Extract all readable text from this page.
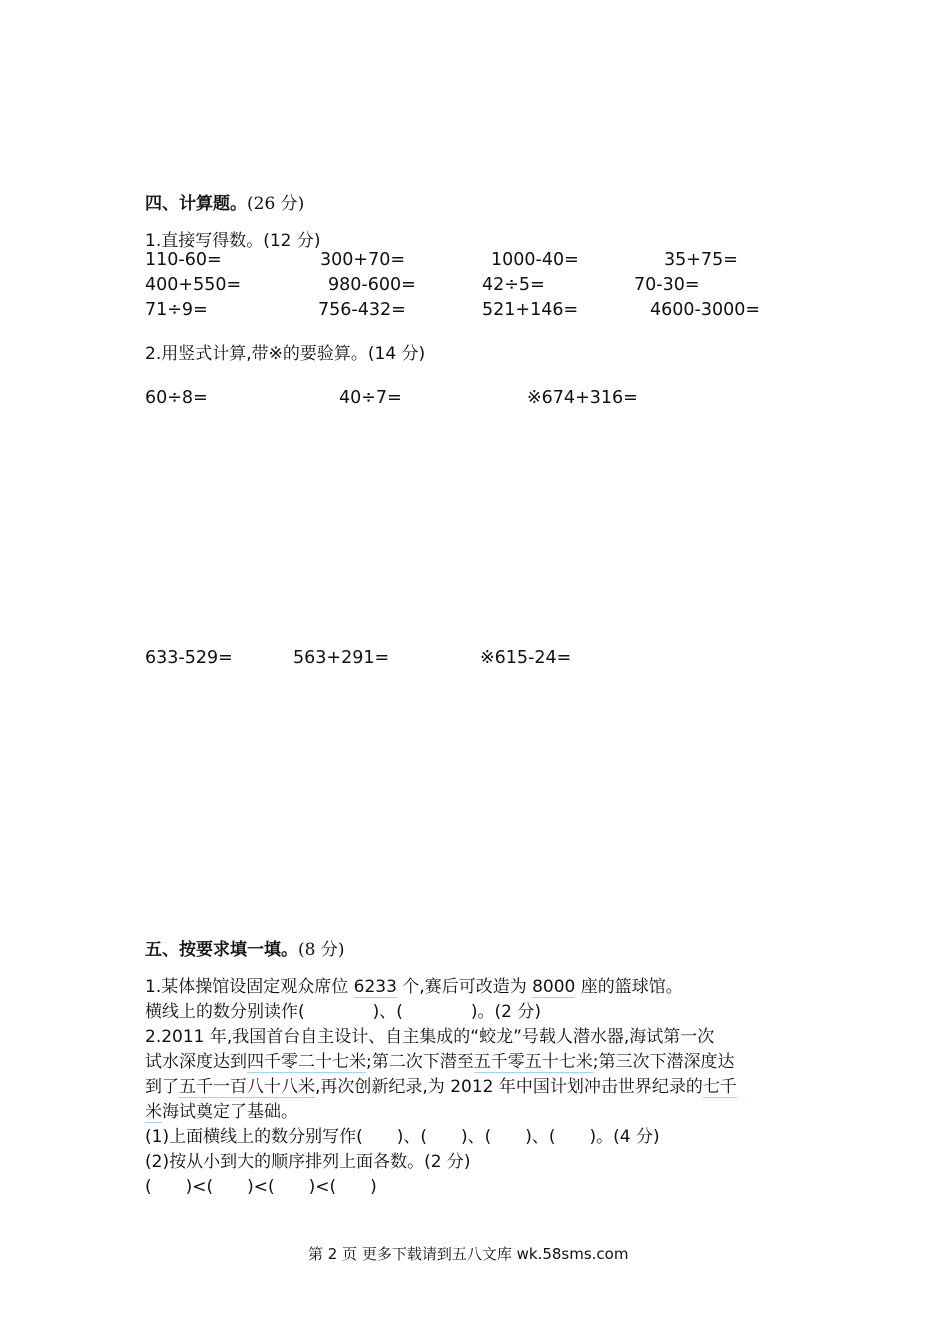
四、计算题。(26 分)
1.直接写得数。(12 分)
110-60=	300+70=	1000-40=	35+75=
400+550=	980-600=	42÷5=	70-30=
71÷9=	756-432=	521+146=	4600-3000=
2.用竖式计算,带※的要验算。(14 分)
60÷8=	40÷7=	※674+316=
633-529=	563+291=	※615-24=
五、按要求填一填。(8 分)
1.某体操馆设固定观众席位 6233 个,赛后可改造为 8000 座的篮球馆。
横线上的数分别读作(　　　　)、(　　　　)。(2 分)
2.2011 年,我国首台自主设计、自主集成的“蛟龙”号载人潜水器,海试第一次
试水深度达到四千零二十七米;第二次下潜至五千零五十七米;第三次下潜深度达
到了五千一百八十八米,再次创新纪录,为 2012 年中国计划冲击世界纪录的七千
米海试奠定了基础。
(1)上面横线上的数分别写作(　　)、(　　)、(　　)、(　　)。(4 分)
(2)按从小到大的顺序排列上面各数。(2 分)
(　　)<(　　)<(　　)<(　　)
第 2 页 更多下载请到五八文库 wk.58sms.com
